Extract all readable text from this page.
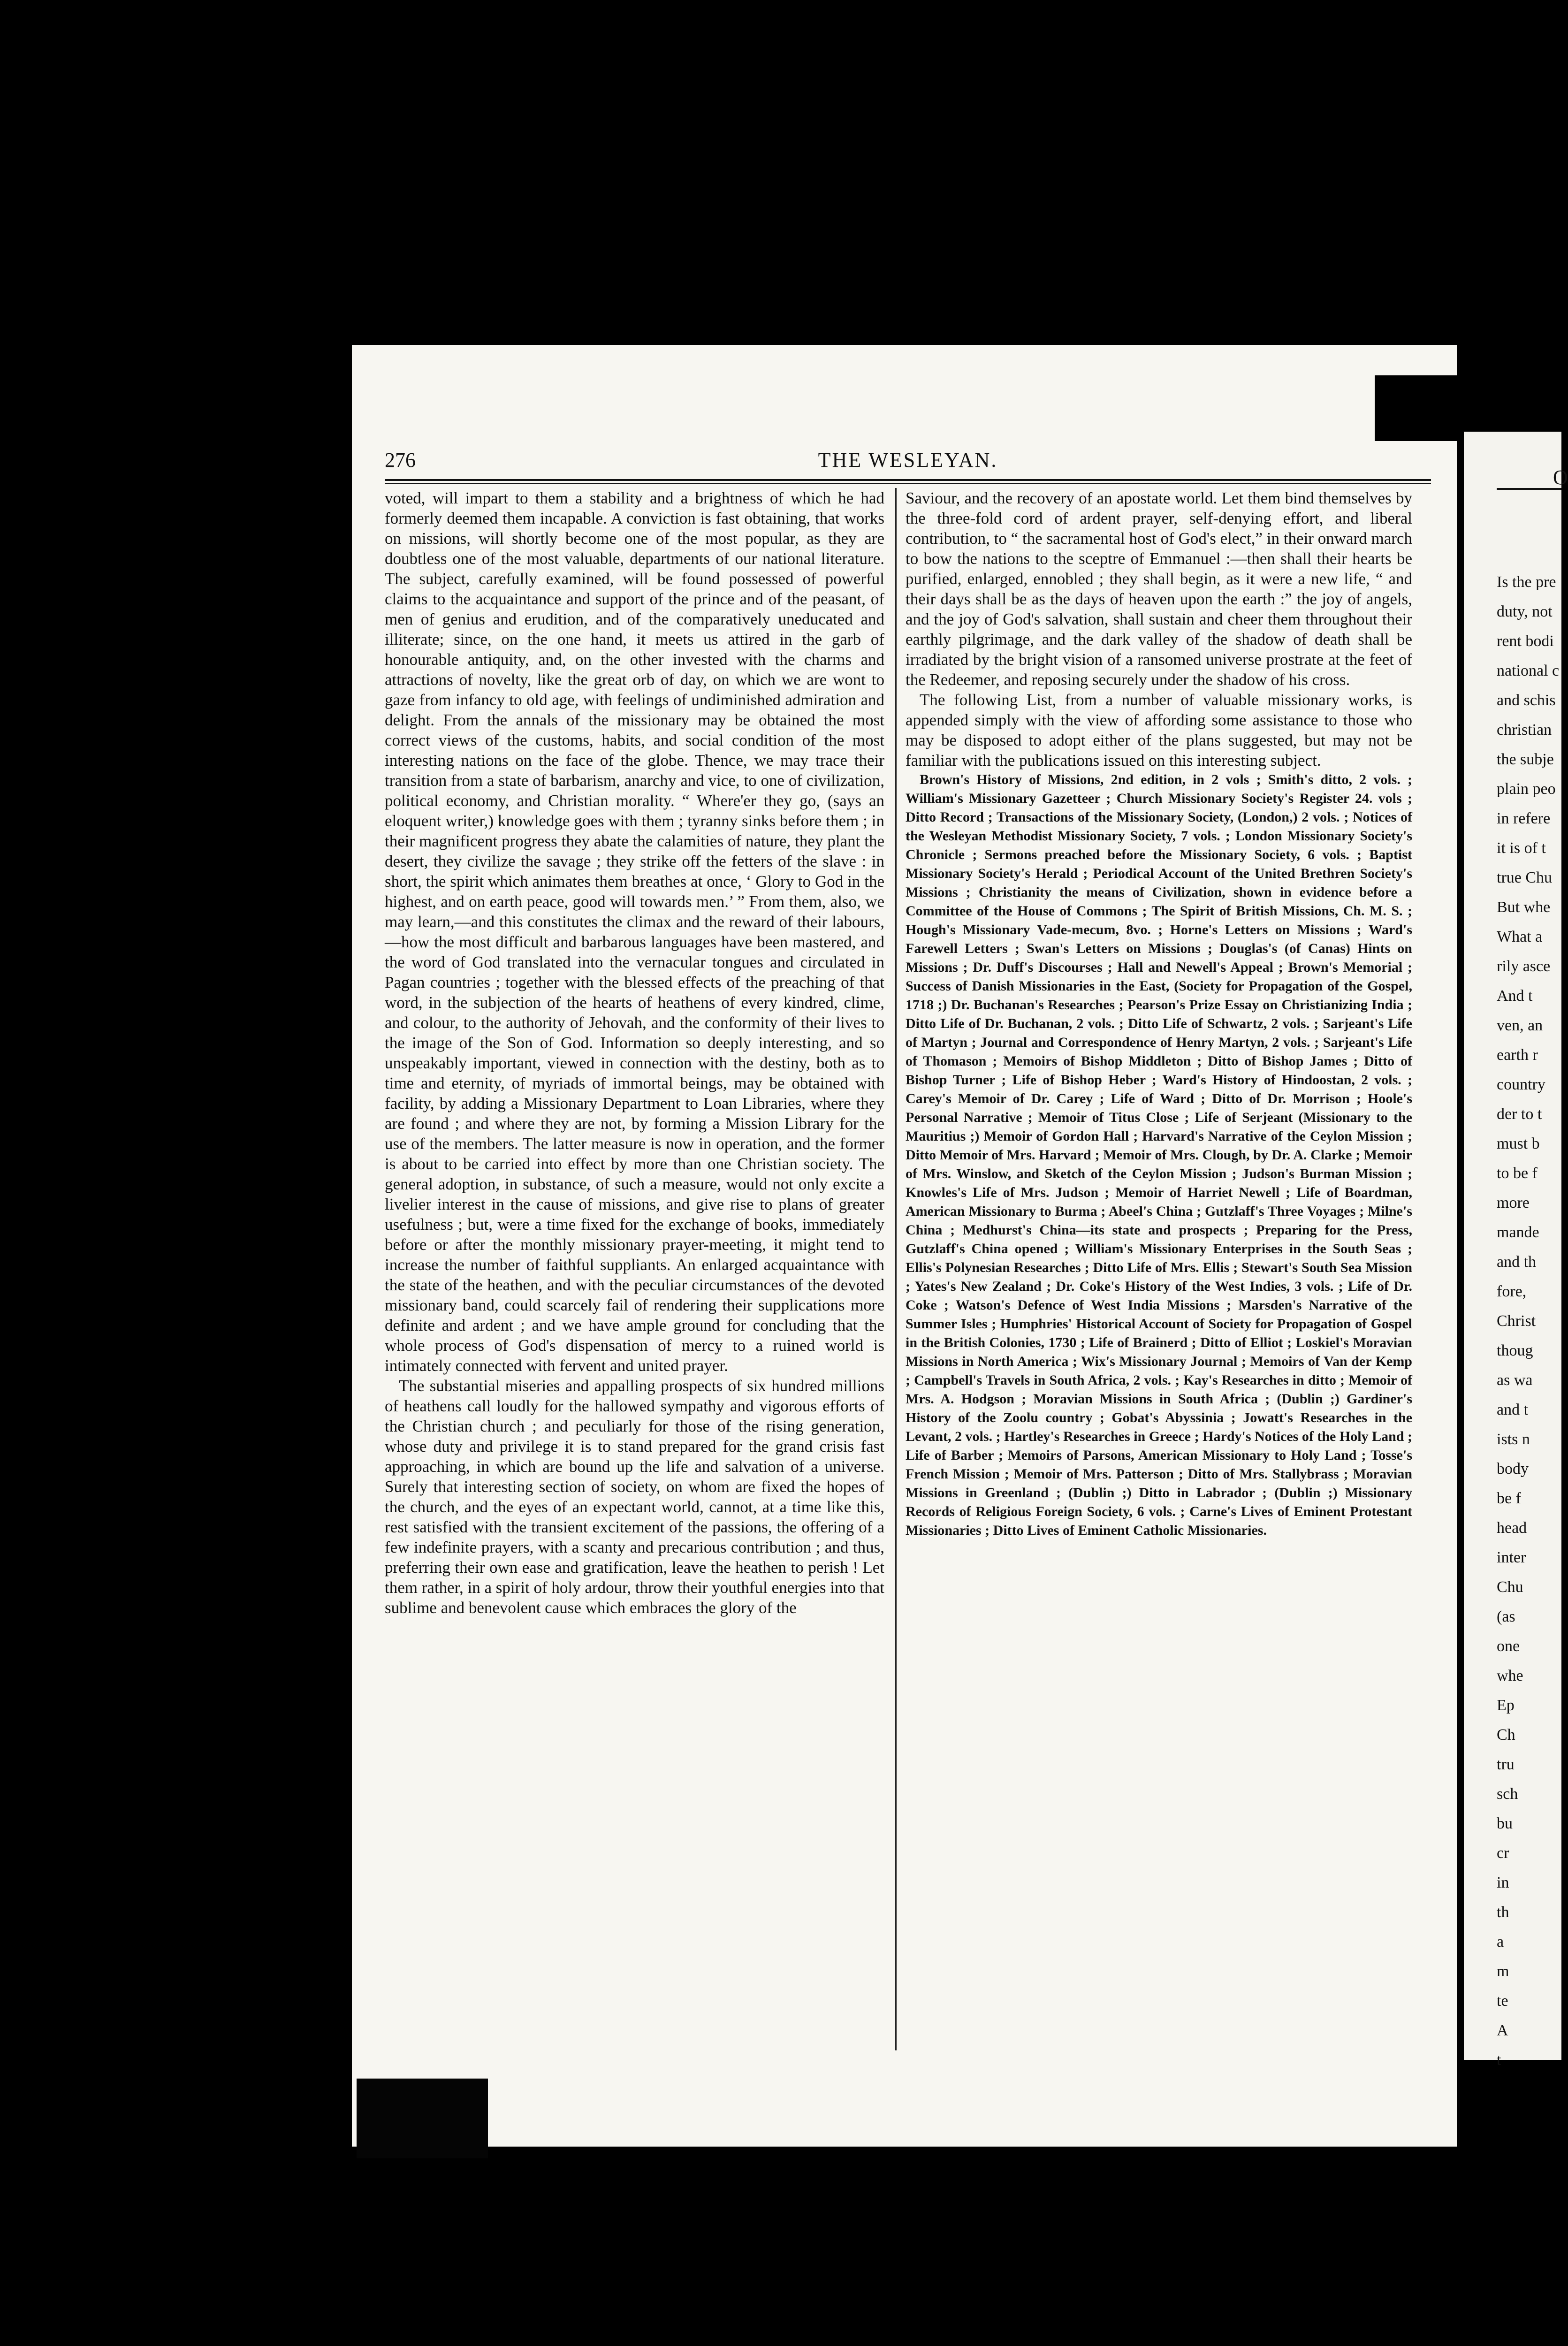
276	THE WESLEYAN.

voted, will impart to them a stability and a brightness of which he had formerly deemed them incapable. A conviction is fast obtaining, that works on missions, will shortly become one of the most popular, as they are doubtless one of the most valuable, departments of our national literature. The subject, carefully examined, will be found possessed of powerful claims to the acquaintance and support of the prince and of the peasant, of men of genius and erudition, and of the comparatively uneducated and illiterate; since, on the one hand, it meets us attired in the garb of honourable antiquity, and, on the other invested with the charms and attractions of novelty, like the great orb of day, on which we are wont to gaze from infancy to old age, with feelings of undiminished admiration and delight. From the annals of the missionary may be obtained the most correct views of the customs, habits, and social condition of the most interesting nations on the face of the globe. Thence, we may trace their transition from a state of barbarism, anarchy and vice, to one of civilization, political economy, and Christian morality. “ Where'er they go, (says an eloquent writer,) knowledge goes with them ; tyranny sinks before them ; in their magnificent progress they abate the calamities of nature, they plant the desert, they civilize the savage ; they strike off the fetters of the slave : in short, the spirit which animates them breathes at once, ‘ Glory to God in the highest, and on earth peace, good will towards men.’ ” From them, also, we may learn,—and this constitutes the climax and the reward of their labours,—how the most difficult and barbarous languages have been mastered, and the word of God translated into the vernacular tongues and circulated in Pagan countries ; together with the blessed effects of the preaching of that word, in the subjection of the hearts of heathens of every kindred, clime, and colour, to the authority of Jehovah, and the conformity of their lives to the image of the Son of God. Information so deeply interesting, and so unspeakably important, viewed in connection with the destiny, both as to time and eternity, of myriads of immortal beings, may be obtained with facility, by adding a Missionary Department to Loan Libraries, where they are found ; and where they are not, by forming a Mission Library for the use of the members. The latter measure is now in operation, and the former is about to be carried into effect by more than one Christian society. The general adoption, in substance, of such a measure, would not only excite a livelier interest in the cause of missions, and give rise to plans of greater usefulness ; but, were a time fixed for the exchange of books, immediately before or after the monthly missionary prayer-meeting, it might tend to increase the number of faithful suppliants. An enlarged acquaintance with the state of the heathen, and with the peculiar circumstances of the devoted missionary band, could scarcely fail of rendering their supplications more definite and ardent ; and we have ample ground for concluding that the whole process of God's dispensation of mercy to a ruined world is intimately connected with fervent and united prayer.

The substantial miseries and appalling prospects of six hundred millions of heathens call loudly for the hallowed sympathy and vigorous efforts of the Christian church ; and peculiarly for those of the rising generation, whose duty and privilege it is to stand prepared for the grand crisis fast approaching, in which are bound up the life and salvation of a universe. Surely that interesting section of society, on whom are fixed the hopes of the church, and the eyes of an expectant world, cannot, at a time like this, rest satisfied with the transient excitement of the passions, the offering of a few indefinite prayers, with a scanty and precarious contribution ; and thus, preferring their own ease and gratification, leave the heathen to perish ! Let them rather, in a spirit of holy ardour, throw their youthful energies into that sublime and benevolent cause which embraces the glory of the

Saviour, and the recovery of an apostate world. Let them bind themselves by the three-fold cord of ardent prayer, self-denying effort, and liberal contribution, to “ the sacramental host of God's elect,” in their onward march to bow the nations to the sceptre of Emmanuel :—then shall their hearts be purified, enlarged, ennobled ; they shall begin, as it were a new life, “ and their days shall be as the days of heaven upon the earth :” the joy of angels, and the joy of God's salvation, shall sustain and cheer them throughout their earthly pilgrimage, and the dark valley of the shadow of death shall be irradiated by the bright vision of a ransomed universe prostrate at the feet of the Redeemer, and reposing securely under the shadow of his cross.

The following List, from a number of valuable missionary works, is appended simply with the view of affording some assistance to those who may be disposed to adopt either of the plans suggested, but may not be familiar with the publications issued on this interesting subject.

Brown's History of Missions, 2nd edition, in 2 vols ; Smith's ditto, 2 vols. ; William's Missionary Gazetteer ; Church Missionary Society's Register 24. vols ; Ditto Record ; Transactions of the Missionary Society, (London,) 2 vols. ; Notices of the Wesleyan Methodist Missionary Society, 7 vols. ; London Missionary Society's Chronicle ; Sermons preached before the Missionary Society, 6 vols. ; Baptist Missionary Society's Herald ; Periodical Account of the United Brethren Society's Missions ; Christianity the means of Civilization, shown in evidence before a Committee of the House of Commons ; The Spirit of British Missions, Ch. M. S. ; Hough's Missionary Vade-mecum, 8vo. ; Horne's Letters on Missions ; Ward's Farewell Letters ; Swan's Letters on Missions ; Douglas's (of Canas) Hints on Missions ; Dr. Duff's Discourses ; Hall and Newell's Appeal ; Brown's Memorial ; Success of Danish Missionaries in the East, (Society for Propagation of the Gospel, 1718 ;) Dr. Buchanan's Researches ; Pearson's Prize Essay on Christianizing India ; Ditto Life of Dr. Buchanan, 2 vols. ; Ditto Life of Schwartz, 2 vols. ; Sarjeant's Life of Martyn ; Journal and Correspondence of Henry Martyn, 2 vols. ; Sarjeant's Life of Thomason ; Memoirs of Bishop Middleton ; Ditto of Bishop James ; Ditto of Bishop Turner ; Life of Bishop Heber ; Ward's History of Hindoostan, 2 vols. ; Carey's Memoir of Dr. Carey ; Life of Ward ; Ditto of Dr. Morrison ; Hoole's Personal Narrative ; Memoir of Titus Close ; Life of Serjeant (Missionary to the Mauritius ;) Memoir of Gordon Hall ; Harvard's Narrative of the Ceylon Mission ; Ditto Memoir of Mrs. Harvard ; Memoir of Mrs. Clough, by Dr. A. Clarke ; Memoir of Mrs. Winslow, and Sketch of the Ceylon Mission ; Judson's Burman Mission ; Knowles's Life of Mrs. Judson ; Memoir of Harriet Newell ; Life of Boardman, American Missionary to Burma ; Abeel's China ; Gutzlaff's Three Voyages ; Milne's China ; Medhurst's China—its state and prospects ; Preparing for the Press, Gutzlaff's China opened ; William's Missionary Enterprises in the South Seas ; Ellis's Polynesian Researches ; Ditto Life of Mrs. Ellis ; Stewart's South Sea Mission ; Yates's New Zealand ; Dr. Coke's History of the West Indies, 3 vols. ; Life of Dr. Coke ; Watson's Defence of West India Missions ; Marsden's Narrative of the Summer Isles ; Humphries' Historical Account of Society for Propagation of Gospel in the British Colonies, 1730 ; Life of Brainerd ; Ditto of Elliot ; Loskiel's Moravian Missions in North America ; Wix's Missionary Journal ; Memoirs of Van der Kemp ; Campbell's Travels in South Africa, 2 vols. ; Kay's Researches in ditto ; Memoir of Mrs. A. Hodgson ; Moravian Missions in South Africa ; (Dublin ;) Gardiner's History of the Zoolu country ; Gobat's Abyssinia ; Jowatt's Researches in the Levant, 2 vols. ; Hartley's Researches in Greece ; Hardy's Notices of the Holy Land ; Life of Barber ; Memoirs of Parsons, American Missionary to Holy Land ; Tosse's French Mission ; Memoir of Mrs. Patterson ; Ditto of Mrs. Stallybrass ; Moravian Missions in Greenland ; (Dublin ;) Ditto in Labrador ; (Dublin ;) Missionary Records of Religious Foreign Society, 6 vols. ; Carne's Lives of Eminent Protestant Missionaries ; Ditto Lives of Eminent Catholic Missionaries.

O
Is the pre
duty, not
rent bodi
national c
and schis
christian
the subje
plain peo
in refere
it is of t
true Chu
But whe
What a
rily asce
And t
ven, an
earth r
country
der to t
must b
to be f
more
mande
and th
fore,
Christ
thoug
as wa
and t
ists n
body
be f
head
inter
Chu
(as
one
whe
Ep
Ch
tru
sch
bu
cr
in
th
a
m
te
A
t
